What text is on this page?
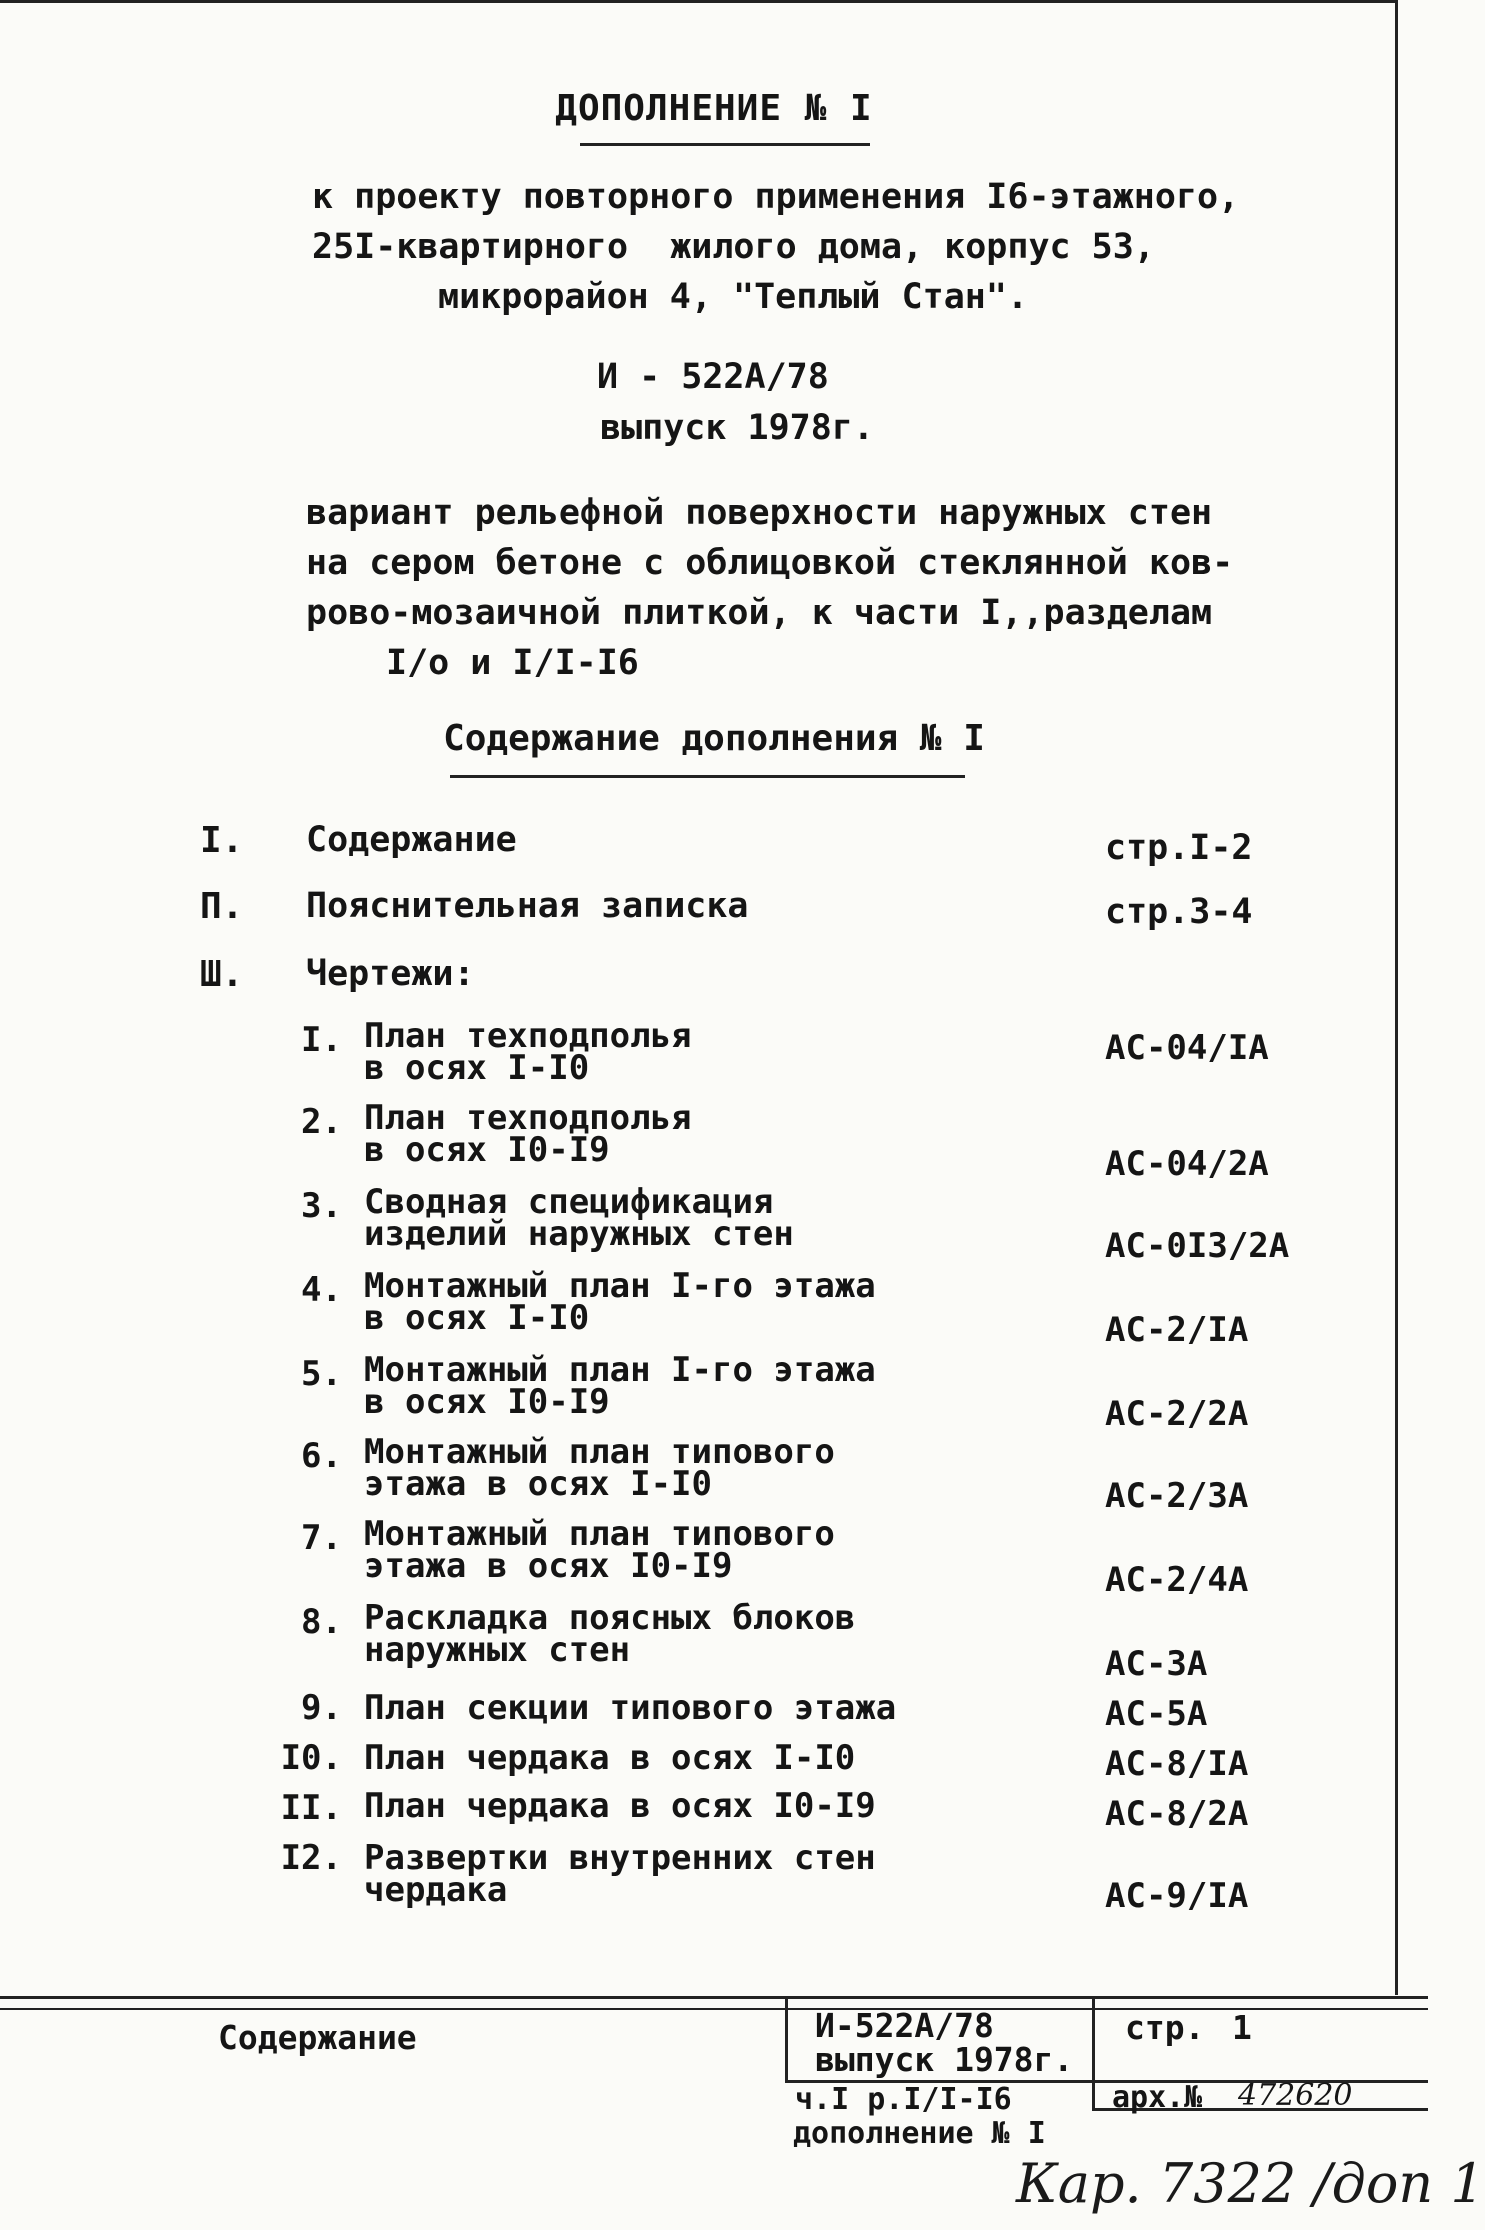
ДОПОЛНЕНИЕ № I
к проекту повторного применения I6-этажного,
25I-квартирного  жилого дома, корпус 53,
микрорайон 4, "Теплый Стан".
И - 522А/78
выпуск 1978г.
вариант рельефной поверхности наружных стен
на сером бетоне с облицовкой стеклянной ков-
рово-мозаичной плиткой, к части I,,разделам
I/о и I/I-I6
Содержание дополнения № I
I. Содержание	стр.I-2
П. Пояснительная записка	стр.3-4
Ш. Чертежи:
I. План техподполья
в осях I-I0	АС-04/IА
2. План техподполья
в осях I0-I9	АС-04/2А
3. Сводная спецификация
изделий наружных стен	АС-0I3/2А
4. Монтажный план I-го этажа
в осях I-I0	АС-2/IА
5. Монтажный план I-го этажа
в осях I0-I9	АС-2/2А
6. Монтажный план типового
этажа в осях I-I0	АС-2/3А
7. Монтажный план типового
этажа в осях I0-I9	АС-2/4А
8. Раскладка поясных блоков
наружных стен	АС-3А
9. План секции типового этажа	АС-5А
I0. План чердака в осях I-I0	АС-8/IА
II. План чердака в осях I0-I9	АС-8/2А
I2. Развертки внутренних стен
чердака	АС-9/IА
Содержание	И-522А/78
выпуск 1978г.
ч.I р.I/I-I6
дополнение № I
стр. 1
арх.№ 472620
Кар. 7322 /доп 1
